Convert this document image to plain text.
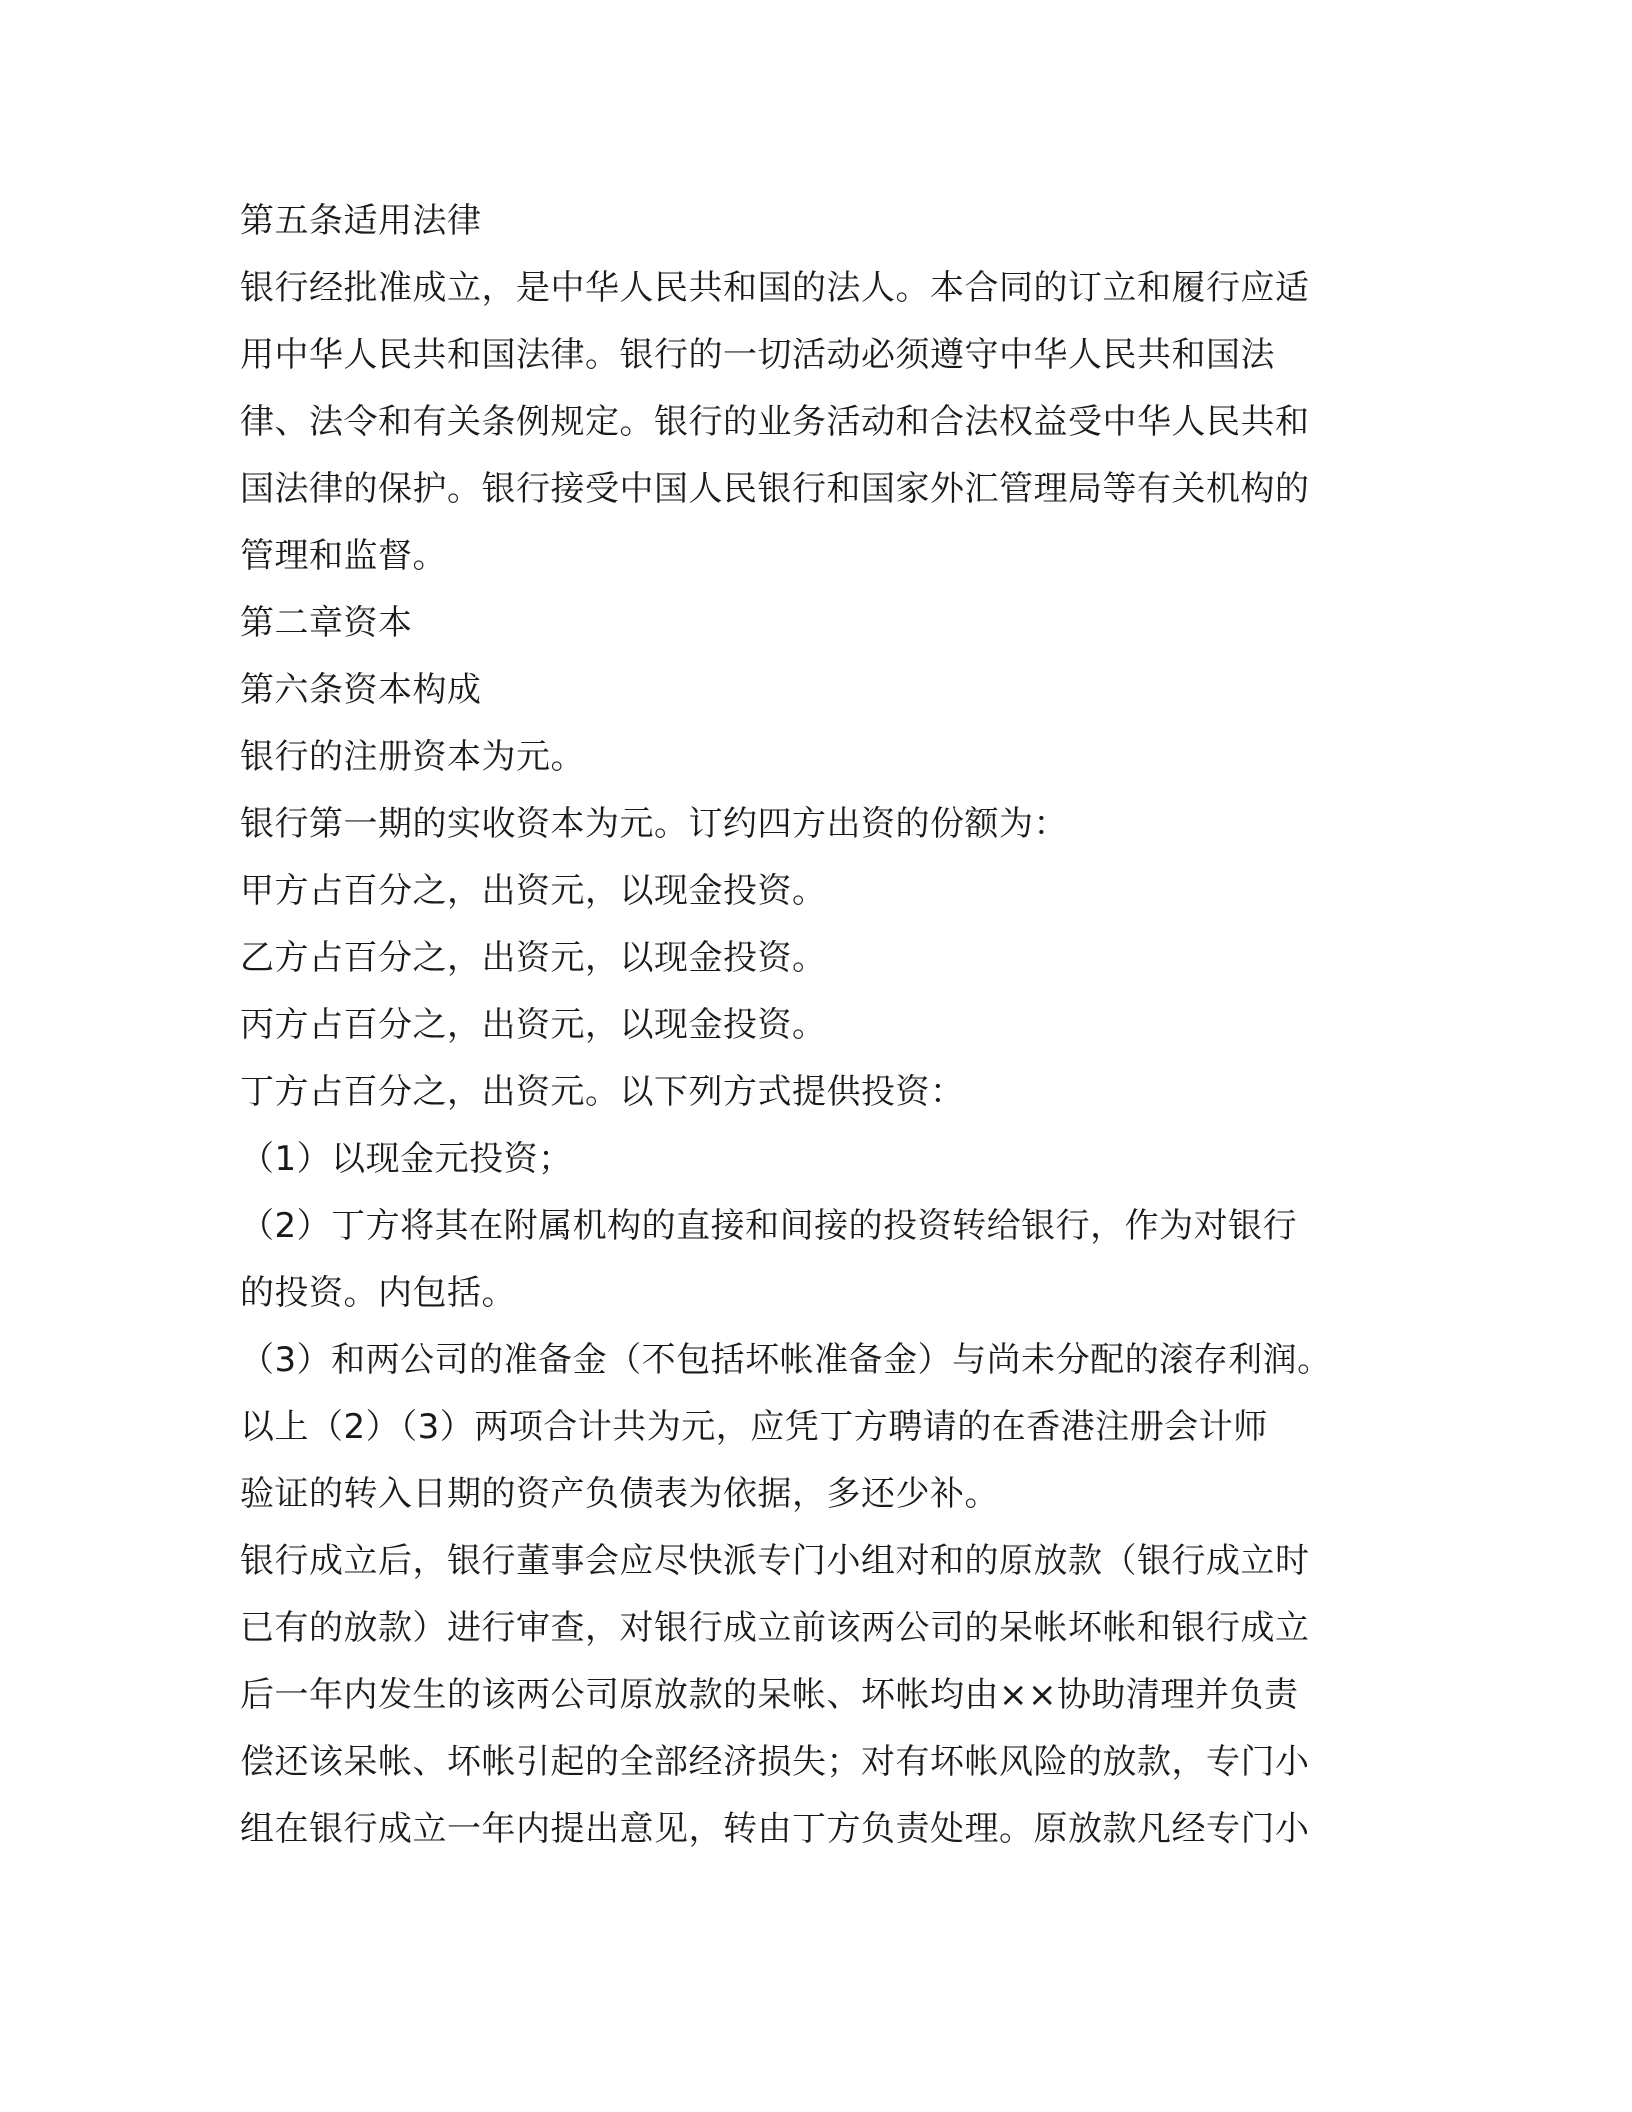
第五条适用法律
银行经批准成立，是中华人民共和国的法人。本合同的订立和履行应适
用中华人民共和国法律。银行的一切活动必须遵守中华人民共和国法
律、法令和有关条例规定。银行的业务活动和合法权益受中华人民共和
国法律的保护。银行接受中国人民银行和国家外汇管理局等有关机构的
管理和监督。
第二章资本
第六条资本构成
银行的注册资本为元。
银行第一期的实收资本为元。订约四方出资的份额为：
甲方占百分之，出资元，以现金投资。
乙方占百分之，出资元，以现金投资。
丙方占百分之，出资元，以现金投资。
丁方占百分之，出资元。以下列方式提供投资：
（1）以现金元投资；
（2）丁方将其在附属机构的直接和间接的投资转给银行，作为对银行
的投资。内包括。
（3）和两公司的准备金（不包括坏帐准备金）与尚未分配的滚存利润。
以上（2）（3）两项合计共为元，应凭丁方聘请的在香港注册会计师
验证的转入日期的资产负债表为依据，多还少补。
银行成立后，银行董事会应尽快派专门小组对和的原放款（银行成立时
已有的放款）进行审查，对银行成立前该两公司的呆帐坏帐和银行成立
后一年内发生的该两公司原放款的呆帐、坏帐均由××协助清理并负责
偿还该呆帐、坏帐引起的全部经济损失；对有坏帐风险的放款，专门小
组在银行成立一年内提出意见，转由丁方负责处理。原放款凡经专门小
